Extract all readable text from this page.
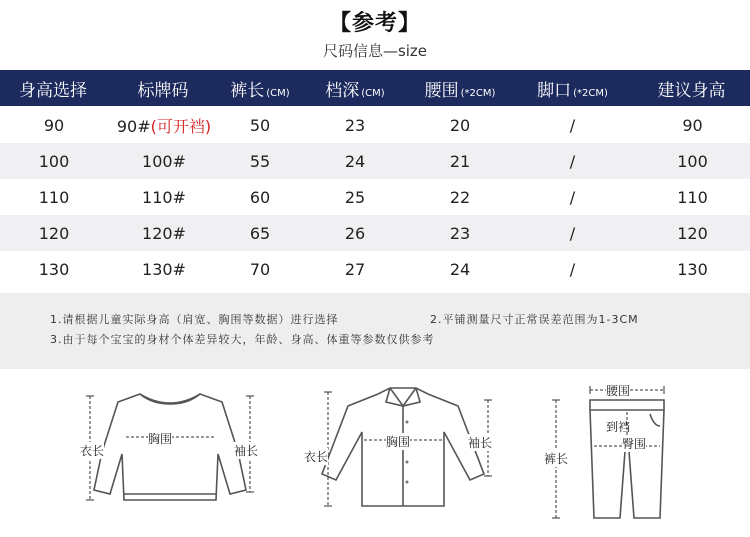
【参考】
尺码信息—size
身高选择	标牌码	裤长 (CM)	档深 (CM)	腰围 (*2CM)	脚口 (*2CM)	建议身高
90	90#(可开裆)	50	23	20	/	90
100	100#	55	24	21	/	100
110	110#	60	25	22	/	110
120	120#	65	26	23	/	120
130	130#	70	27	24	/	130
1.请根据儿童实际身高（肩宽、胸围等数据）进行选择	2.平铺测量尺寸正常误差范围为1-3CM
3.由于每个宝宝的身材个体差异较大，年龄、身高、体重等参数仅供参考
衣长
胸围
袖长	衣长
胸围	袖长
腰围
裤长
到裆
臀围
